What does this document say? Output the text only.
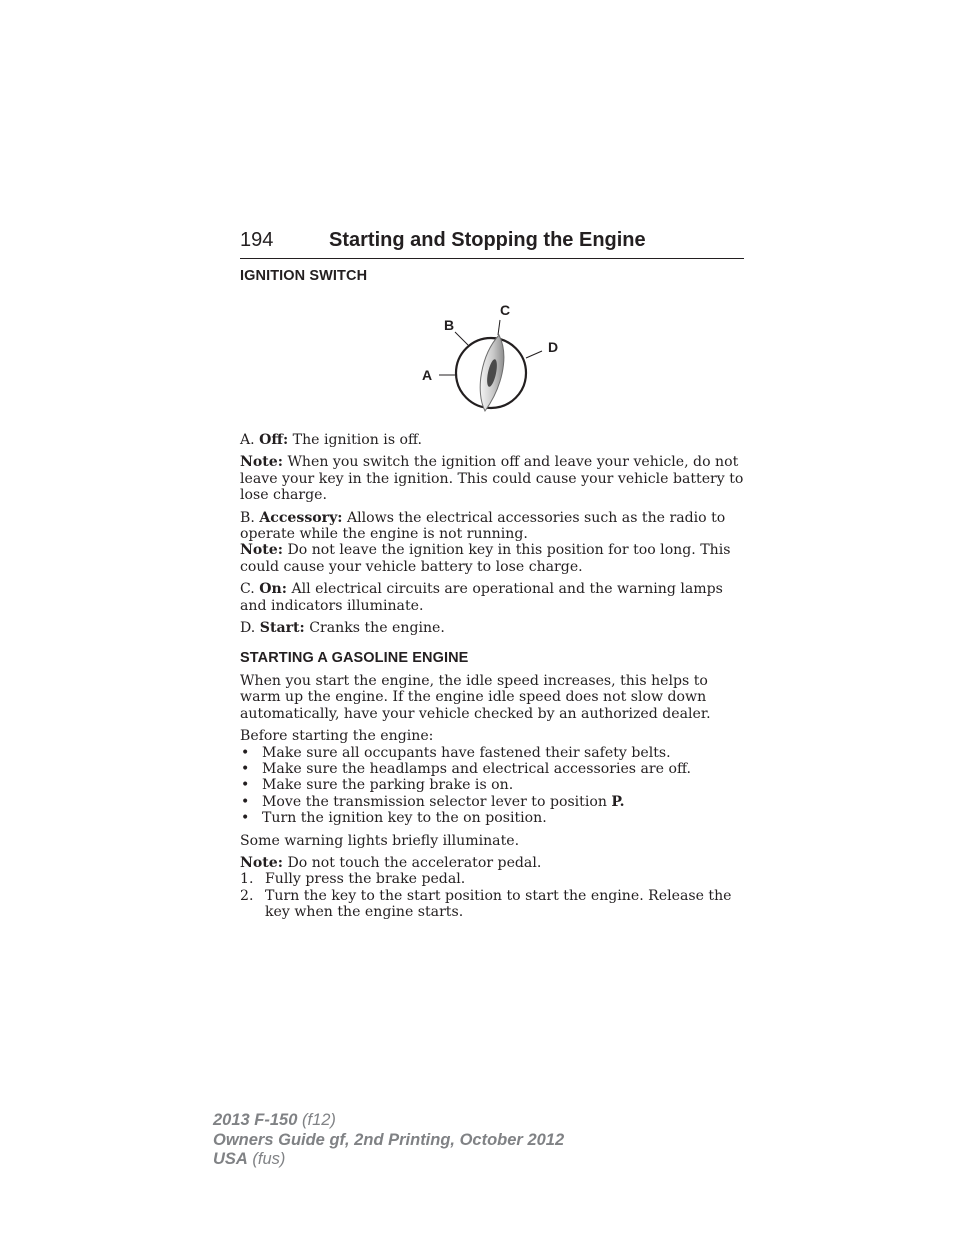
194	Starting and Stopping the Engine
IGNITION SWITCH
A
B
C
D

A. Off: The ignition is off.

Note: When you switch the ignition off and leave your vehicle, do not leave your key in the ignition. This could cause your vehicle battery to lose charge.

B. Accessory: Allows the electrical accessories such as the radio to operate while the engine is not running.

Note: Do not leave the ignition key in this position for too long. This could cause your vehicle battery to lose charge.

C. On: All electrical circuits are operational and the warning lamps and indicators illuminate.

D. Start: Cranks the engine.

STARTING A GASOLINE ENGINE

When you start the engine, the idle speed increases, this helps to warm up the engine. If the engine idle speed does not slow down automatically, have your vehicle checked by an authorized dealer.

Before starting the engine:

• Make sure all occupants have fastened their safety belts.
• Make sure the headlamps and electrical accessories are off.
• Make sure the parking brake is on.
• Move the transmission selector lever to position P.
• Turn the ignition key to the on position.

Some warning lights briefly illuminate.

Note: Do not touch the accelerator pedal.

1. Fully press the brake pedal.
2. Turn the key to the start position to start the engine. Release the key when the engine starts.
2013 F-150 (f12)
Owners Guide gf, 2nd Printing, October 2012
USA (fus)
